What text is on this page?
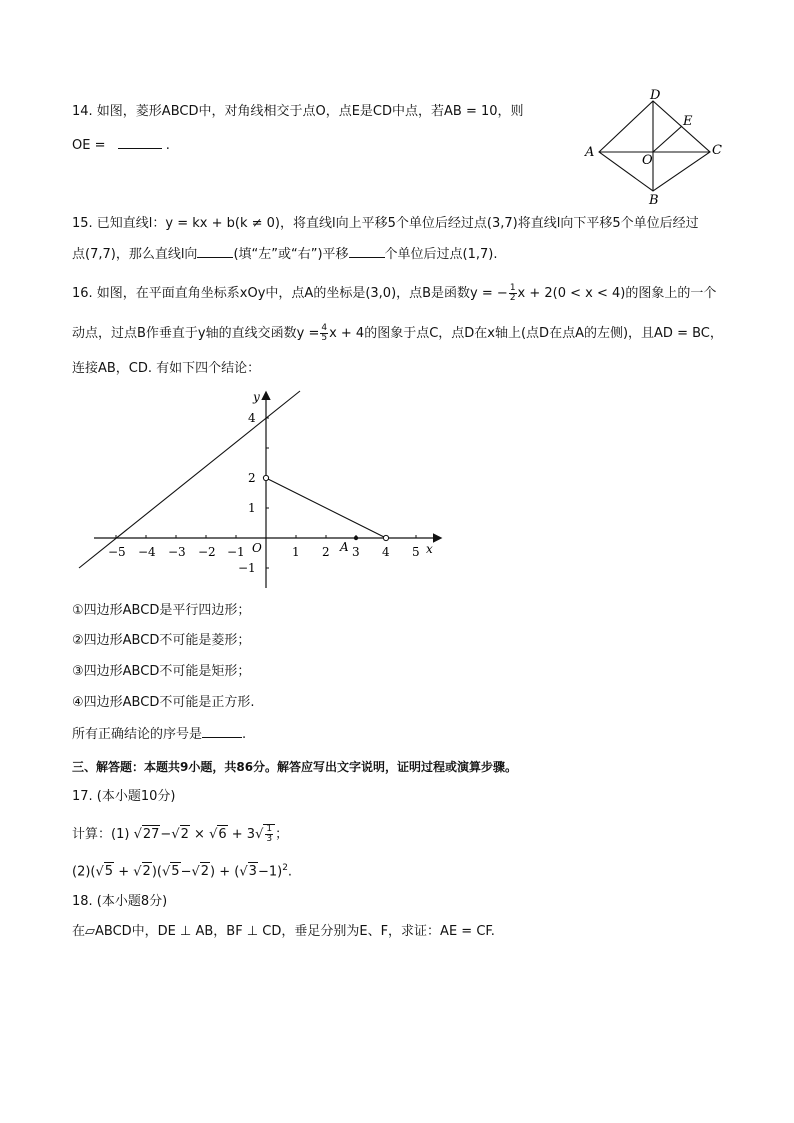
14. 如图，菱形ABCD中，对角线相交于点O，点E是CD中点，若AB = 10，则
OE =	.
D
E
A	C
O
B
15. 已知直线l：y = kx + b(k ≠ 0)，将直线l向上平移5个单位后经过点(3,7)将直线l向下平移5个单位后经过
点(7,7)，那么直线l向	(填“左”或“右”)平移	个单位后过点(1,7).
16. 如图，在平面直角坐标系xOy中，点A的坐标是(3,0)，点B是函数y = − $\frac{1}{2}$ x + 2(0 < x < 4)的图象上的一个
动点，过点B作垂直于y轴的直线交函数$y = \frac{4}{5}$ x + 4的图象于点C，点D在x轴上(点D在点A的左侧)，且AD = BC，
连接AB，CD. 有如下四个结论：
−5 −4 −3 −2 −1	1 2 3 4 5
4
2
1
−1
x
y
O	A
①四边形ABCD是平行四边形；
②四边形ABCD不可能是菱形；
③四边形ABCD不可能是矩形；
④四边形ABCD不可能是正方形.
所有正确结论的序号是	.
三、解答题：本题共9小题，共86分。解答应写出文字说明，证明过程或演算步骤。
17. (本小题10分)
计算：(1) $√27-√2 \times √6 + 3√ \frac{1}{3}$ ；
$(2)(√5 + √2)(√5-√2) + (√3-1)^2$.
18. (本小题8分)
在▱ABCD中，DE ⊥ AB，BF ⊥ CD，垂足分别为E、F，求证：AE = CF.
